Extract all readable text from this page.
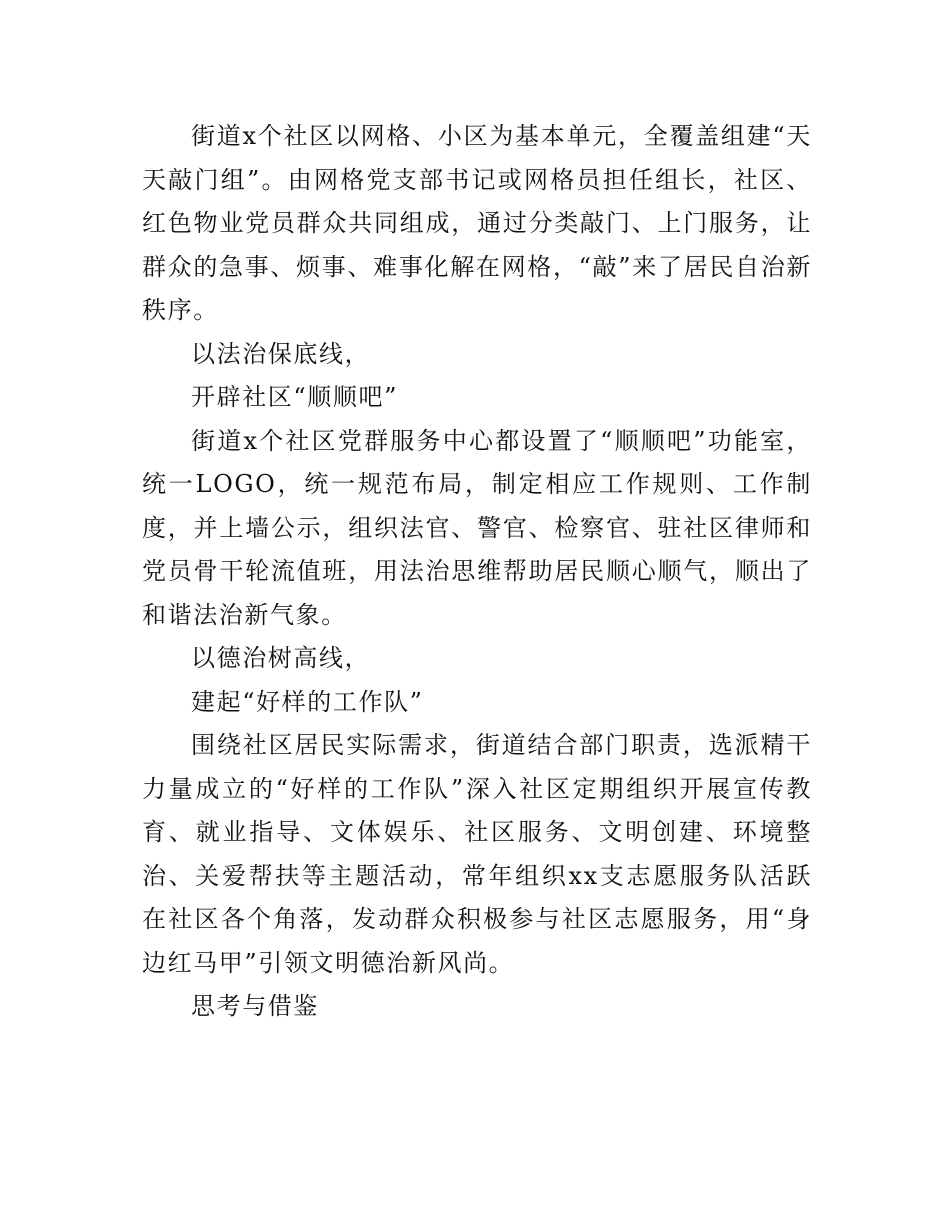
街道x个社区以网格、小区为基本单元，全覆盖组建“天天敲门组”。由网格党支部书记或网格员担任组长，社区、红色物业党员群众共同组成，通过分类敲门、上门服务，让群众的急事、烦事、难事化解在网格，“敲”来了居民自治新秩序。

以法治保底线，

开辟社区“顺顺吧”

街道x个社区党群服务中心都设置了“顺顺吧”功能室，统一LOGO，统一规范布局，制定相应工作规则、工作制度，并上墙公示，组织法官、警官、检察官、驻社区律师和党员骨干轮流值班，用法治思维帮助居民顺心顺气，顺出了和谐法治新气象。

以德治树高线，

建起“好样的工作队”

围绕社区居民实际需求，街道结合部门职责，选派精干力量成立的“好样的工作队”深入社区定期组织开展宣传教育、就业指导、文体娱乐、社区服务、文明创建、环境整治、关爱帮扶等主题活动，常年组织xx支志愿服务队活跃在社区各个角落，发动群众积极参与社区志愿服务，用“身边红马甲”引领文明德治新风尚。

思考与借鉴
